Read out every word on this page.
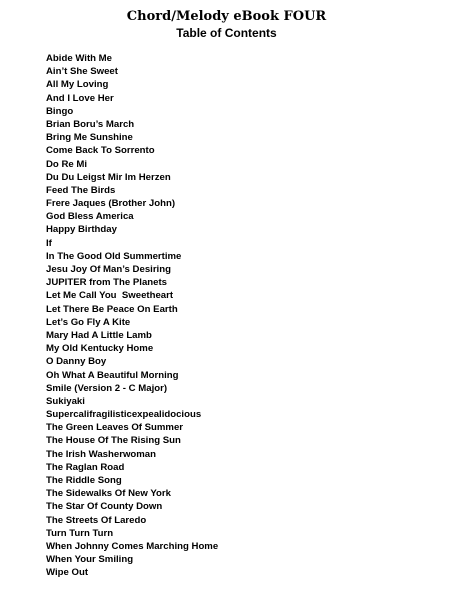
Chord/Melody eBook FOUR
Table of Contents
Abide With Me
Ain’t She Sweet
All My Loving
And I Love Her
Bingo
Brian Boru’s March
Bring Me Sunshine
Come Back To Sorrento
Do Re Mi
Du Du Leigst Mir Im Herzen
Feed The Birds
Frere Jaques (Brother John)
God Bless America
Happy Birthday
If
In The Good Old Summertime
Jesu Joy Of Man’s Desiring
JUPITER from The Planets
Let Me Call You  Sweetheart
Let There Be Peace On Earth
Let’s Go Fly A Kite
Mary Had A Little Lamb
My Old Kentucky Home
O Danny Boy
Oh What A Beautiful Morning
Smile (Version 2 - C Major)
Sukiyaki
Supercalifragilisticexpealidocious
The Green Leaves Of Summer
The House Of The Rising Sun
The Irish Washerwoman
The Raglan Road
The Riddle Song
The Sidewalks Of New York
The Star Of County Down
The Streets Of Laredo
Turn Turn Turn
When Johnny Comes Marching Home
When Your Smiling
Wipe Out
